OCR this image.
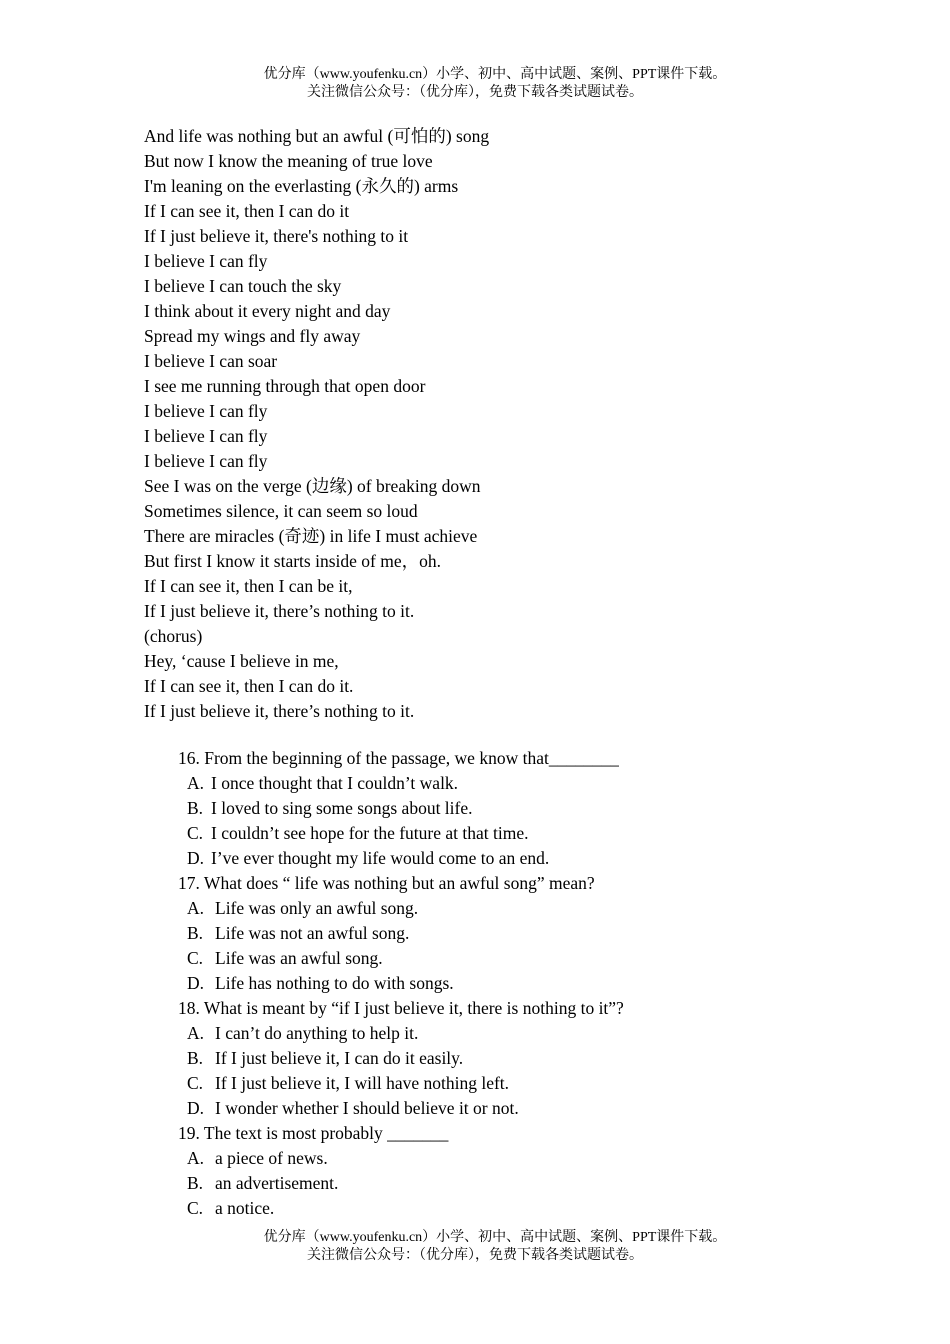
优分库（www.youfenku.cn）小学、初中、高中试题、案例、PPT课件下载。
关注微信公众号：（优分库），免费下载各类试题试卷。
And life was nothing but an awful (可怕的) song
But now I know the meaning of true love
I'm leaning on the everlasting (永久的) arms
If I can see it, then I can do it
If I just believe it, there's nothing to it
I believe I can fly
I believe I can touch the sky
I think about it every night and day
Spread my wings and fly away
I believe I can soar
I see me running through that open door
I believe I can fly
I believe I can fly
I believe I can fly
See I was on the verge (边缘) of breaking down
Sometimes silence, it can seem so loud
There are miracles (奇迹) in life I must achieve
But first I know it starts inside of me，oh.
If I can see it, then I can be it,
If I just believe it, there’s nothing to it.
(chorus)
Hey, ‘cause I believe in me,
If I can see it, then I can do it.
If I just believe it, there’s nothing to it.
16. From the beginning of the passage, we know that________
A. I once thought that I couldn’t walk.
B. I loved to sing some songs about life.
C. I couldn’t see hope for the future at that time.
D. I’ve ever thought my life would come to an end.
17. What does “ life was nothing but an awful song” mean?
A. Life was only an awful song.
B. Life was not an awful song.
C. Life was an awful song.
D. Life has nothing to do with songs.
18. What is meant by “if I just believe it, there is nothing to it”?
A. I can’t do anything to help it.
B. If I just believe it, I can do it easily.
C. If I just believe it, I will have nothing left.
D. I wonder whether I should believe it or not.
19. The text is most probably _______
A. a piece of news.
B. an advertisement.
C. a notice.
优分库（www.youfenku.cn）小学、初中、高中试题、案例、PPT课件下载。
关注微信公众号：（优分库），免费下载各类试题试卷。
